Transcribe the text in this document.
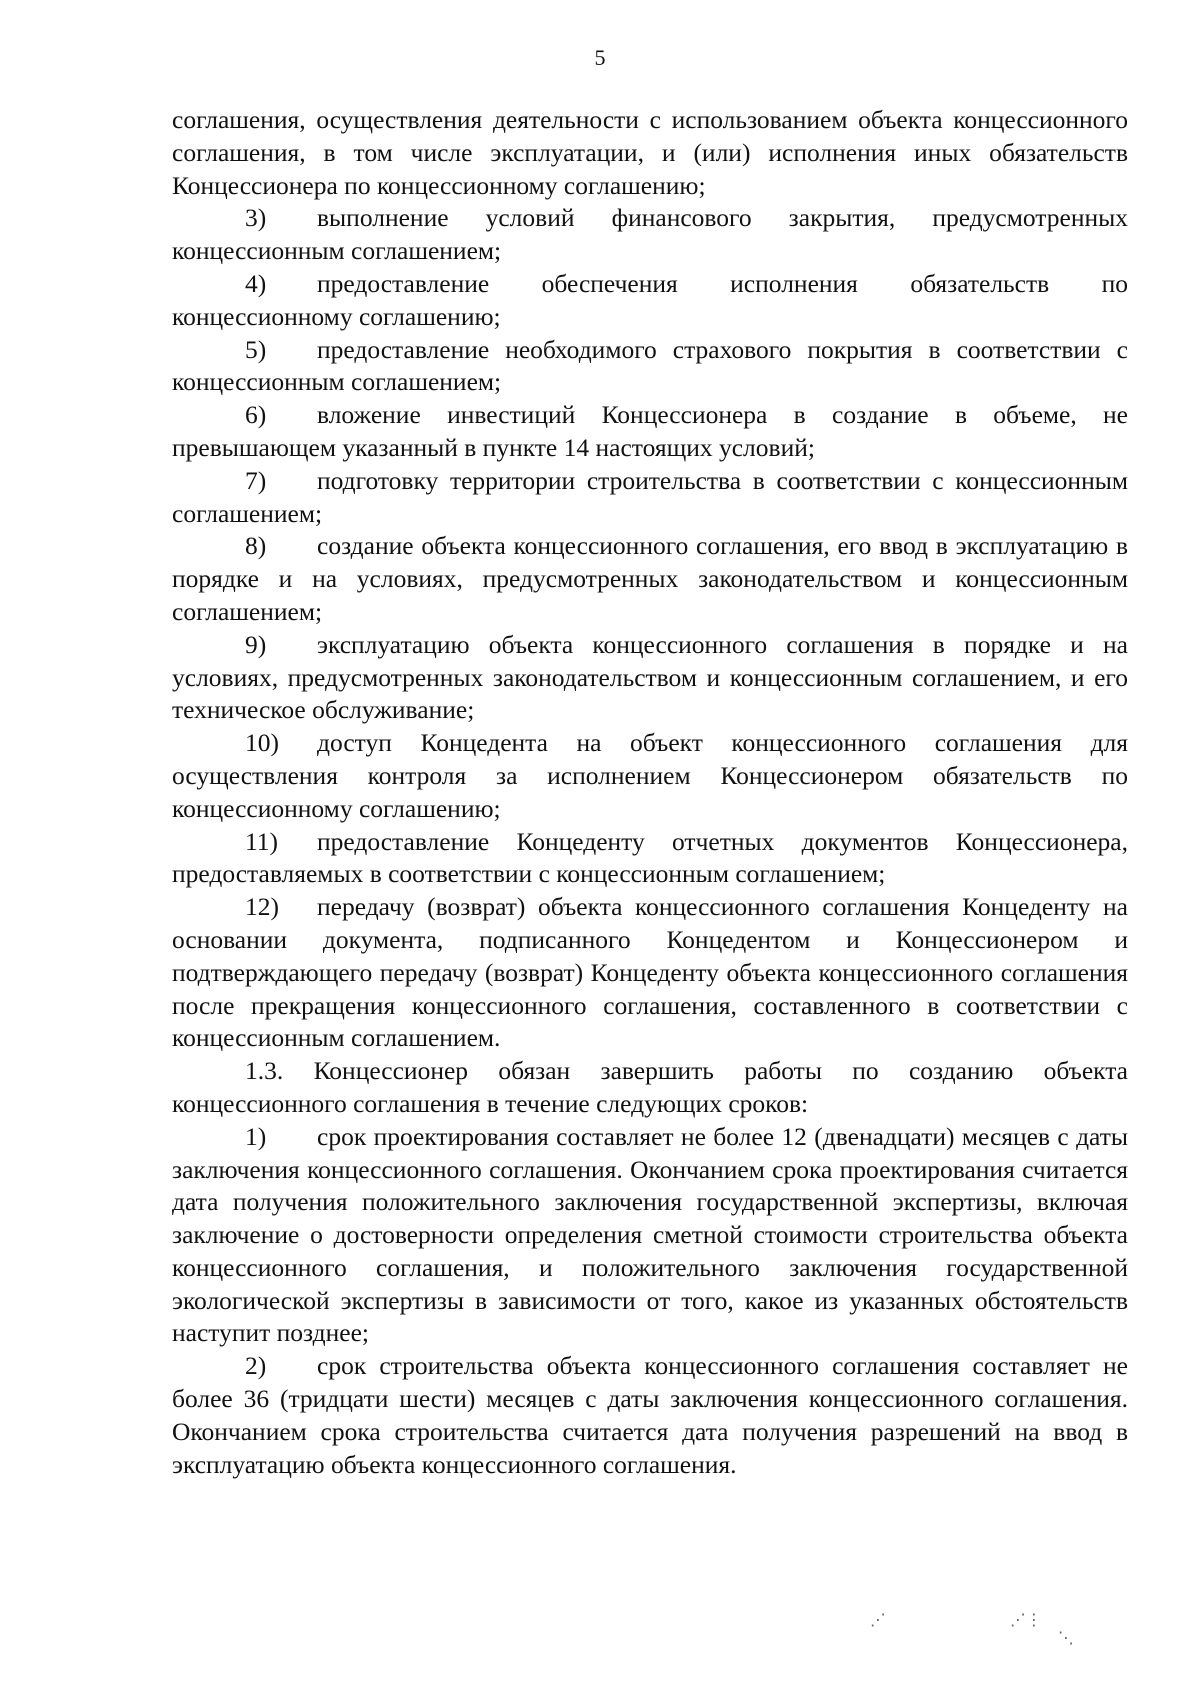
5

соглашения, осуществления деятельности с использованием объекта концессионного соглашения, в том числе эксплуатации, и (или) исполнения иных обязательств Концессионера по концессионному соглашению;

3) выполнение условий финансового закрытия, предусмотренных концессионным соглашением;

4) предоставление обеспечения исполнения обязательств по концессионному соглашению;

5) предоставление необходимого страхового покрытия в соответствии с концессионным соглашением;

6) вложение инвестиций Концессионера в создание в объеме, не превышающем указанный в пункте 14 настоящих условий;

7) подготовку территории строительства в соответствии с концессионным соглашением;

8) создание объекта концессионного соглашения, его ввод в эксплуатацию в порядке и на условиях, предусмотренных законодательством и концессионным соглашением;

9) эксплуатацию объекта концессионного соглашения в порядке и на условиях, предусмотренных законодательством и концессионным соглашением, и его техническое обслуживание;

10) доступ Концедента на объект концессионного соглашения для осуществления контроля за исполнением Концессионером обязательств по концессионному соглашению;

11) предоставление Концеденту отчетных документов Концессионера, предоставляемых в соответствии с концессионным соглашением;

12) передачу (возврат) объекта концессионного соглашения Концеденту на основании документа, подписанного Концедентом и Концессионером и подтверждающего передачу (возврат) Концеденту объекта концессионного соглашения после прекращения концессионного соглашения, составленного в соответствии с концессионным соглашением.

1.3. Концессионер обязан завершить работы по созданию объекта концессионного соглашения в течение следующих сроков:

1) срок проектирования составляет не более 12 (двенадцати) месяцев с даты заключения концессионного соглашения. Окончанием срока проектирования считается дата получения положительного заключения государственной экспертизы, включая заключение о достоверности определения сметной стоимости строительства объекта концессионного соглашения, и положительного заключения государственной экологической экспертизы в зависимости от того, какое из указанных обстоятельств наступит позднее;

2) срок строительства объекта концессионного соглашения составляет не более 36 (тридцати шести) месяцев с даты заключения концессионного соглашения. Окончанием срока строительства считается дата получения разрешений на ввод в эксплуатацию объекта концессионного соглашения.

⋰⋮
⋱
⋰
